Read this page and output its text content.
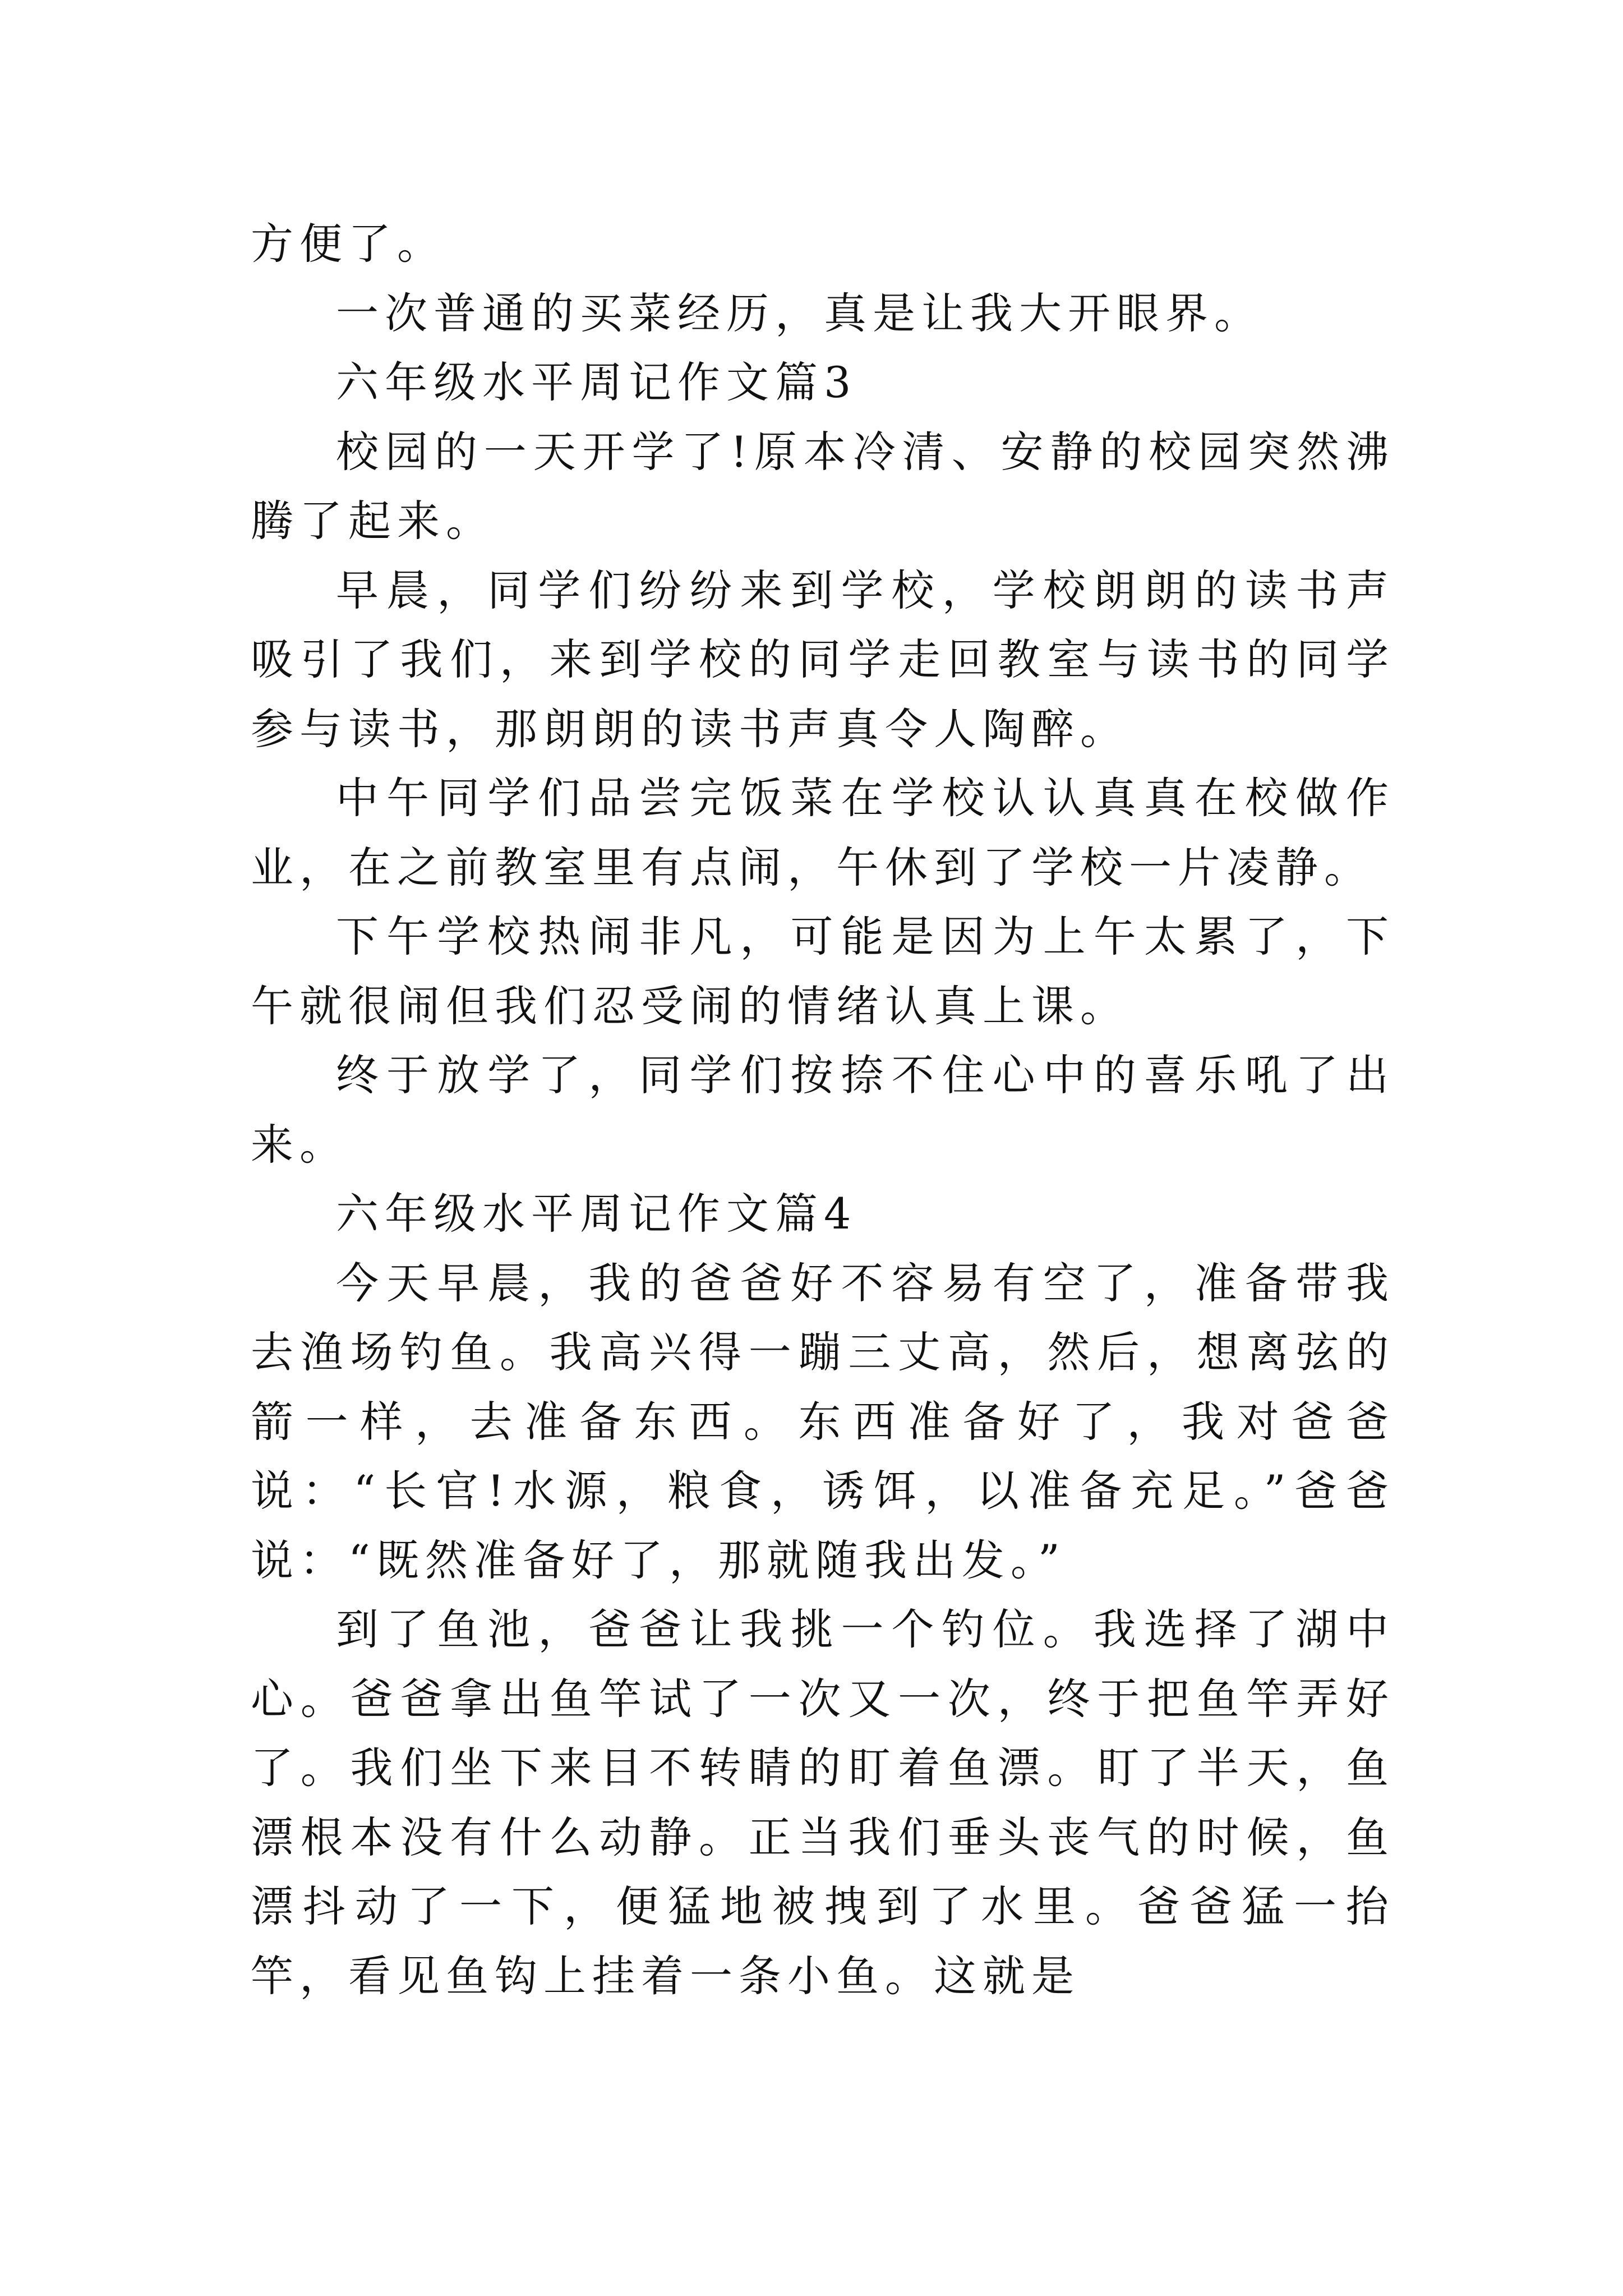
方便了。

一次普通的买菜经历，真是让我大开眼界。

六年级水平周记作文篇3

校园的一天开学了!原本冷清、安静的校园突然沸腾了起来。

早晨，同学们纷纷来到学校，学校朗朗的读书声吸引了我们，来到学校的同学走回教室与读书的同学参与读书，那朗朗的读书声真令人陶醉。

中午同学们品尝完饭菜在学校认认真真在校做作业，在之前教室里有点闹，午休到了学校一片凌静。

下午学校热闹非凡，可能是因为上午太累了，下午就很闹但我们忍受闹的情绪认真上课。

终于放学了，同学们按捺不住心中的喜乐吼了出来。

六年级水平周记作文篇4

今天早晨，我的爸爸好不容易有空了，准备带我去渔场钓鱼。我高兴得一蹦三丈高，然后，想离弦的箭一样，去准备东西。东西准备好了，我对爸爸说：“长官!水源，粮食，诱饵，以准备充足。”爸爸说：“既然准备好了，那就随我出发。”

到了鱼池，爸爸让我挑一个钓位。我选择了湖中心。爸爸拿出鱼竿试了一次又一次，终于把鱼竿弄好了。我们坐下来目不转睛的盯着鱼漂。盯了半天，鱼漂根本没有什么动静。正当我们垂头丧气的时候，鱼漂抖动了一下，便猛地被拽到了水里。爸爸猛一抬竿，看见鱼钩上挂着一条小鱼。这就是
